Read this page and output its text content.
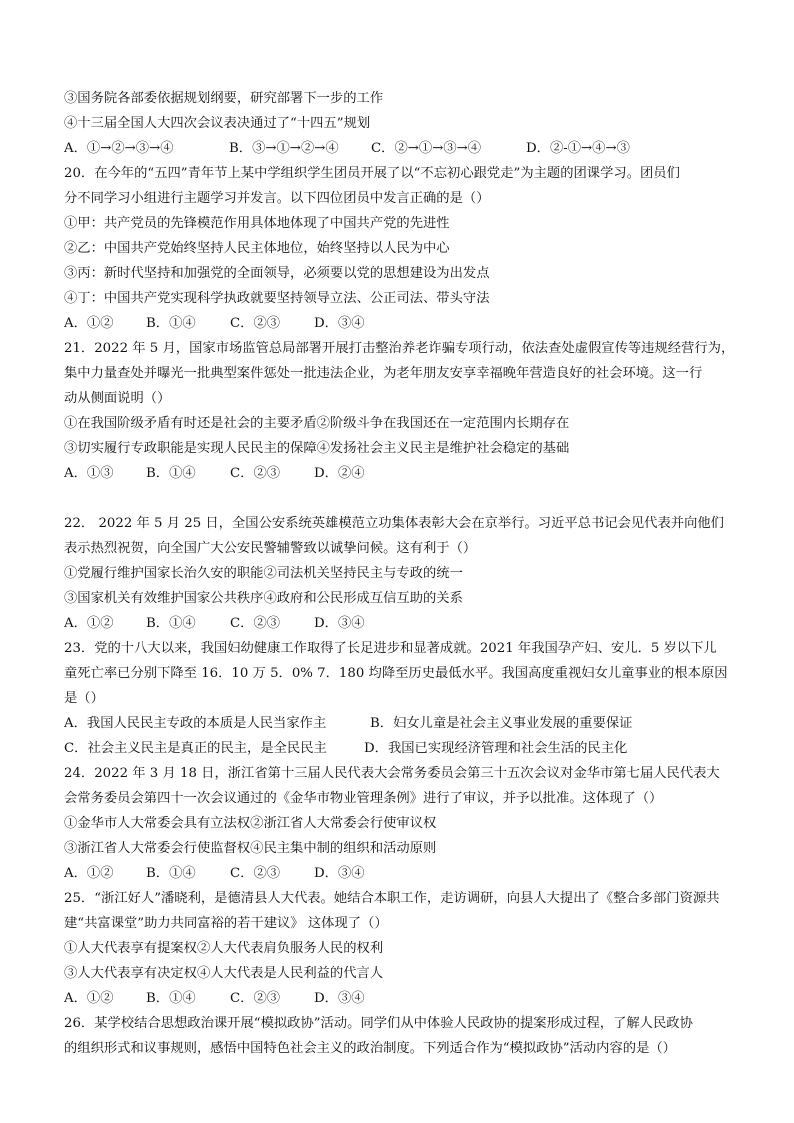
③国务院各部委依据规划纲要，研究部署下一步的工作
④十三届全国人大四次会议表决通过了“十四五”规划
A．①→②→③→④	B．③→①→②→④ C．②→①→③→④	D．②-①→④→③
20．在今年的“五四”青年节上某中学组织学生团员开展了以“不忘初心跟党走”为主题的团课学习。团员们
分不同学习小组进行主题学习并发言。以下四位团员中发言正确的是（）
①甲：共产党员的先锋模范作用具体地体现了中国共产党的先进性
②乙：中国共产党始终坚持人民主体地位，始终坚持以人民为中心
③丙：新时代坚持和加强党的全面领导，必须要以党的思想建设为出发点
④丁：中国共产党实现科学执政就要坚持领导立法、公正司法、带头守法
A．①② B．①④	C．②③	D．③④
21．2022 年 5 月，国家市场监管总局部署开展打击整治养老诈骗专项行动，依法查处虚假宣传等违规经营行为，
集中力量查处并曝光一批典型案件惩处一批违法企业，为老年朋友安享幸福晚年营造良好的社会环境。这一行
动从侧面说明（）
①在我国阶级矛盾有时还是社会的主要矛盾②阶级斗争在我国还在一定范围内长期存在
③切实履行专政职能是实现人民民主的保障④发扬社会主义民主是维护社会稳定的基础
A．①③ B．①④	C．②③	D．②④
22． 2022 年 5 月 25 日，全国公安系统英雄模范立功集体表彰大会在京举行。习近平总书记会见代表并向他们
表示热烈祝贺，向全国广大公安民警辅警致以诚挚问候。这有利于（）
①党履行维护国家长治久安的职能②司法机关坚持民主与专政的统一
③国家机关有效维护国家公共秩序④政府和公民形成互信互助的关系
A．①② B．①④	C．②③	D．③④
23．党的十八大以来，我国妇幼健康工作取得了长足进步和显著成就。2021 年我国孕产妇、安儿．5 岁以下儿
童死亡率已分别下降至 16．10 万 5．0% 7．180 均降至历史最低水平。我国高度重视妇女儿童事业的根本原因
是（）
A．我国人民民主专政的本质是人民当家作主	B．妇女儿童是社会主义事业发展的重要保证
C．社会主义民主是真正的民主，是全民民主	D．我国已实现经济管理和社会生活的民主化
24．2022 年 3 月 18 日，浙江省第十三届人民代表大会常务委员会第三十五次会议对金华市第七届人民代表大
会常务委员会第四十一次会议通过的《金华市物业管理条例》进行了审议，并予以批准。这体现了（）
①金华市人大常委会具有立法权②浙江省人大常委会行使审议权
③浙江省人大常委会行使监督权④民主集中制的组织和活动原则
A．①② B．①④	C．②③	D．③④
25．“浙江好人”潘晓利，是德清县人大代表。她结合本职工作，走访调研，向县人大提出了《整合多部门资源共
建“共富课堂”助力共同富裕的若干建议》 这体现了（）
①人大代表享有提案权②人大代表肩负服务人民的权利
③人大代表享有决定权④人大代表是人民利益的代言人
A．①② B．①④	C．②③	D．③④
26．某学校结合思想政治课开展“模拟政协”活动。同学们从中体验人民政协的提案形成过程，了解人民政协
的组织形式和议事规则，感悟中国特色社会主义的政治制度。下列适合作为“模拟政协”活动内容的是（）
